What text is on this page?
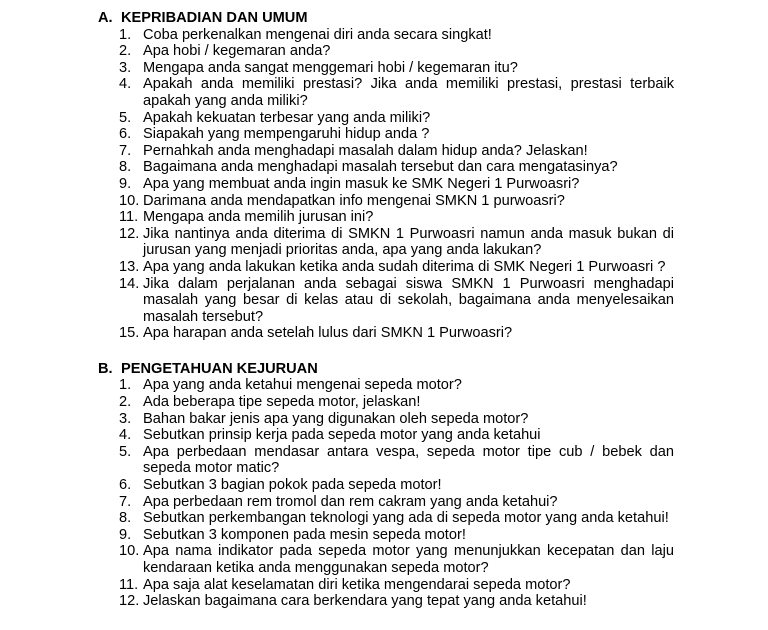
A. KEPRIBADIAN DAN UMUM
1. Coba perkenalkan mengenai diri anda secara singkat!
2. Apa hobi / kegemaran anda?
3. Mengapa anda sangat menggemari hobi / kegemaran itu?
4. Apakah anda memiliki prestasi? Jika anda memiliki prestasi, prestasi terbaik apakah yang anda miliki?
5. Apakah kekuatan terbesar yang anda miliki?
6. Siapakah yang mempengaruhi hidup anda ?
7. Pernahkah anda menghadapi masalah dalam hidup anda? Jelaskan!
8. Bagaimana anda menghadapi masalah tersebut dan cara mengatasinya?
9. Apa yang membuat anda ingin masuk ke SMK Negeri 1 Purwoasri?
10. Darimana anda mendapatkan info mengenai SMKN 1 purwoasri?
11. Mengapa anda memilih jurusan ini?
12. Jika nantinya anda diterima di SMKN 1 Purwoasri namun anda masuk bukan di jurusan yang menjadi prioritas anda, apa yang anda lakukan?
13. Apa yang anda lakukan ketika anda sudah diterima di SMK Negeri 1 Purwoasri ?
14. Jika dalam perjalanan anda sebagai siswa SMKN 1 Purwoasri menghadapi masalah yang besar di kelas atau di sekolah, bagaimana anda menyelesaikan masalah tersebut?
15. Apa harapan anda setelah lulus dari SMKN 1 Purwoasri?
B. PENGETAHUAN KEJURUAN
1. Apa yang anda ketahui mengenai sepeda motor?
2. Ada beberapa tipe sepeda motor, jelaskan!
3. Bahan bakar jenis apa yang digunakan oleh sepeda motor?
4. Sebutkan prinsip kerja pada sepeda motor yang anda ketahui
5. Apa perbedaan mendasar antara vespa, sepeda motor tipe cub / bebek dan sepeda motor matic?
6. Sebutkan 3 bagian pokok pada sepeda motor!
7. Apa perbedaan rem tromol dan rem cakram yang anda ketahui?
8. Sebutkan perkembangan teknologi yang ada di sepeda motor yang anda ketahui!
9. Sebutkan 3 komponen pada mesin sepeda motor!
10. Apa nama indikator pada sepeda motor yang menunjukkan kecepatan dan laju kendaraan ketika anda menggunakan sepeda motor?
11. Apa saja alat keselamatan diri ketika mengendarai sepeda motor?
12. Jelaskan bagaimana cara berkendara yang tepat yang anda ketahui!
